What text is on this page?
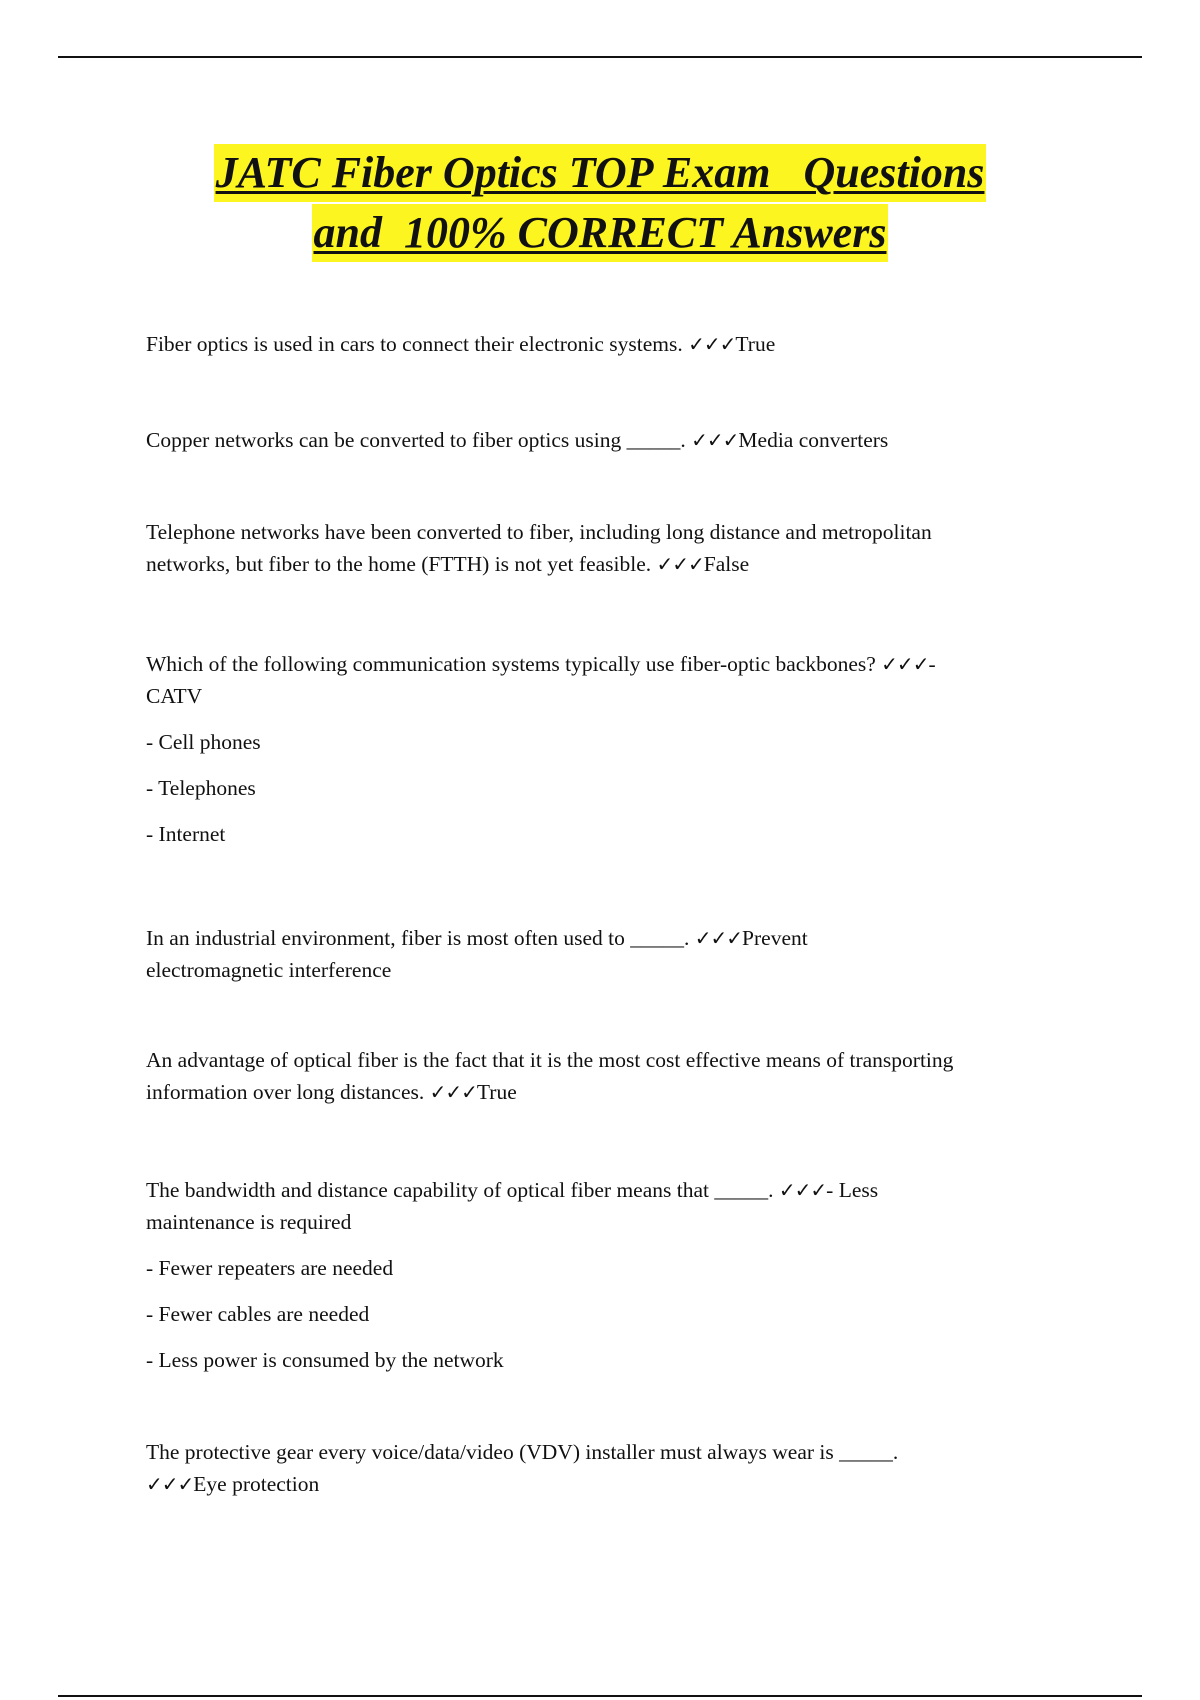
JATC Fiber Optics TOP Exam   Questions
and  100% CORRECT Answers
Fiber optics is used in cars to connect their electronic systems. ✓✓✓True
Copper networks can be converted to fiber optics using _____. ✓✓✓Media converters
Telephone networks have been converted to fiber, including long distance and metropolitan
networks, but fiber to the home (FTTH) is not yet feasible. ✓✓✓False
Which of the following communication systems typically use fiber-optic backbones? ✓✓✓-
CATV
- Cell phones
- Telephones
- Internet
In an industrial environment, fiber is most often used to _____. ✓✓✓Prevent
electromagnetic interference
An advantage of optical fiber is the fact that it is the most cost effective means of transporting
information over long distances. ✓✓✓True
The bandwidth and distance capability of optical fiber means that _____. ✓✓✓- Less
maintenance is required
- Fewer repeaters are needed
- Fewer cables are needed
- Less power is consumed by the network
The protective gear every voice/data/video (VDV) installer must always wear is _____.
✓✓✓Eye protection
